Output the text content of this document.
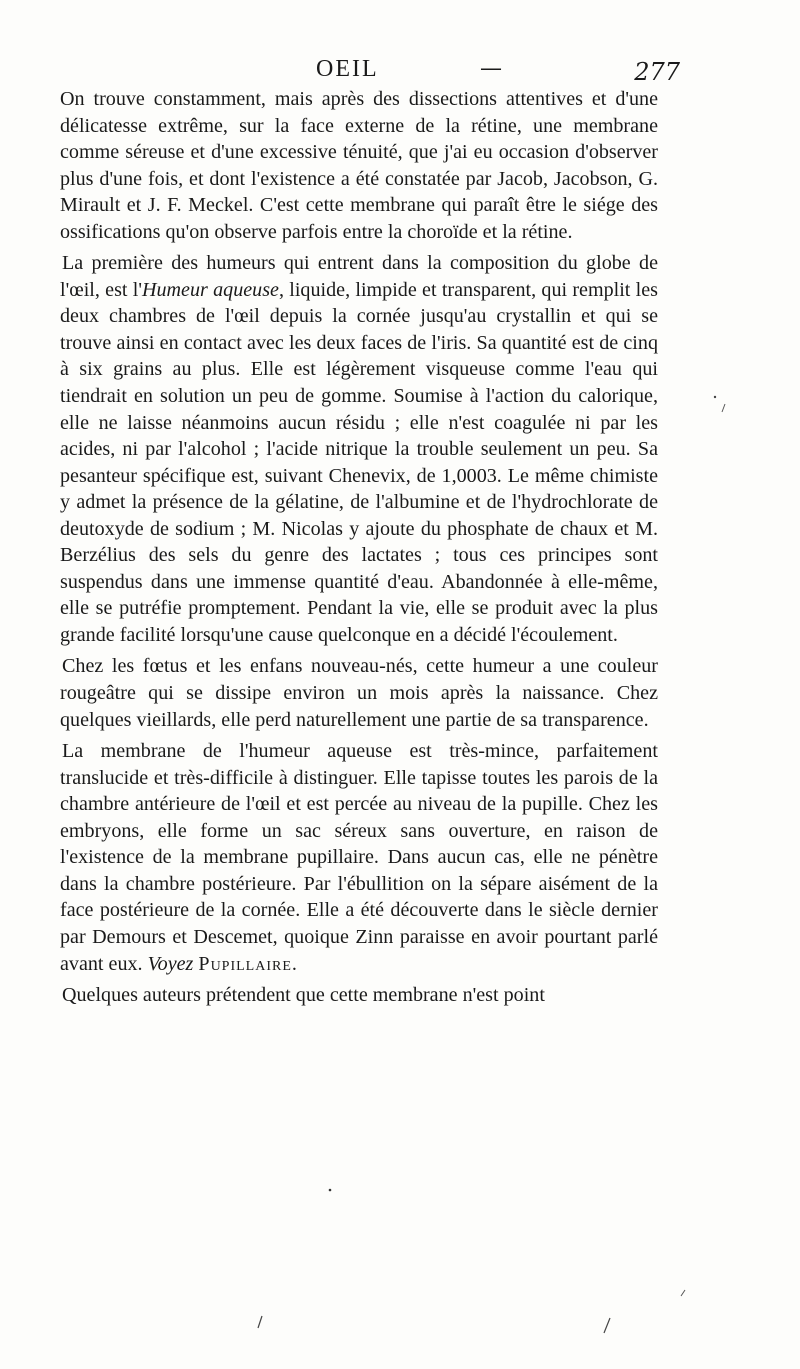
OEIL	—	277

On trouve constamment, mais après des dissections attentives et d'une délicatesse extrême, sur la face externe de la rétine, une membrane comme séreuse et d'une excessive ténuité, que j'ai eu occasion d'observer plus d'une fois, et dont l'existence a été constatée par Jacob, Jacobson, G. Mirault et J. F. Meckel. C'est cette membrane qui paraît être le siége des ossifications qu'on observe parfois entre la choroïde et la rétine.

La première des humeurs qui entrent dans la composition du globe de l'œil, est l'Humeur aqueuse, liquide, limpide et transparent, qui remplit les deux chambres de l'œil depuis la cornée jusqu'au crystallin et qui se trouve ainsi en contact avec les deux faces de l'iris. Sa quantité est de cinq à six grains au plus. Elle est légèrement visqueuse comme l'eau qui tiendrait en solution un peu de gomme. Soumise à l'action du calorique, elle ne laisse néanmoins aucun résidu ; elle n'est coagulée ni par les acides, ni par l'alcohol ; l'acide nitrique la trouble seulement un peu. Sa pesanteur spécifique est, suivant Chenevix, de 1,0003. Le même chimiste y admet la présence de la gélatine, de l'albumine et de l'hydrochlorate de deutoxyde de sodium ; M. Nicolas y ajoute du phosphate de chaux et M. Berzélius des sels du genre des lactates ; tous ces principes sont suspendus dans une immense quantité d'eau. Abandonnée à elle-même, elle se putréfie promptement. Pendant la vie, elle se produit avec la plus grande facilité lorsqu'une cause quelconque en a décidé l'écoulement.

Chez les fœtus et les enfans nouveau-nés, cette humeur a une couleur rougeâtre qui se dissipe environ un mois après la naissance. Chez quelques vieillards, elle perd naturellement une partie de sa transparence.

La membrane de l'humeur aqueuse est très-mince, parfaitement translucide et très-difficile à distinguer. Elle tapisse toutes les parois de la chambre antérieure de l'œil et est percée au niveau de la pupille. Chez les embryons, elle forme un sac séreux sans ouverture, en raison de l'existence de la membrane pupillaire. Dans aucun cas, elle ne pénètre dans la chambre postérieure. Par l'ébullition on la sépare aisément de la face postérieure de la cornée. Elle a été découverte dans le siècle dernier par Demours et Descemet, quoique Zinn paraisse en avoir pourtant parlé avant eux. Voyez Pupillaire.

Quelques auteurs prétendent que cette membrane n'est point
